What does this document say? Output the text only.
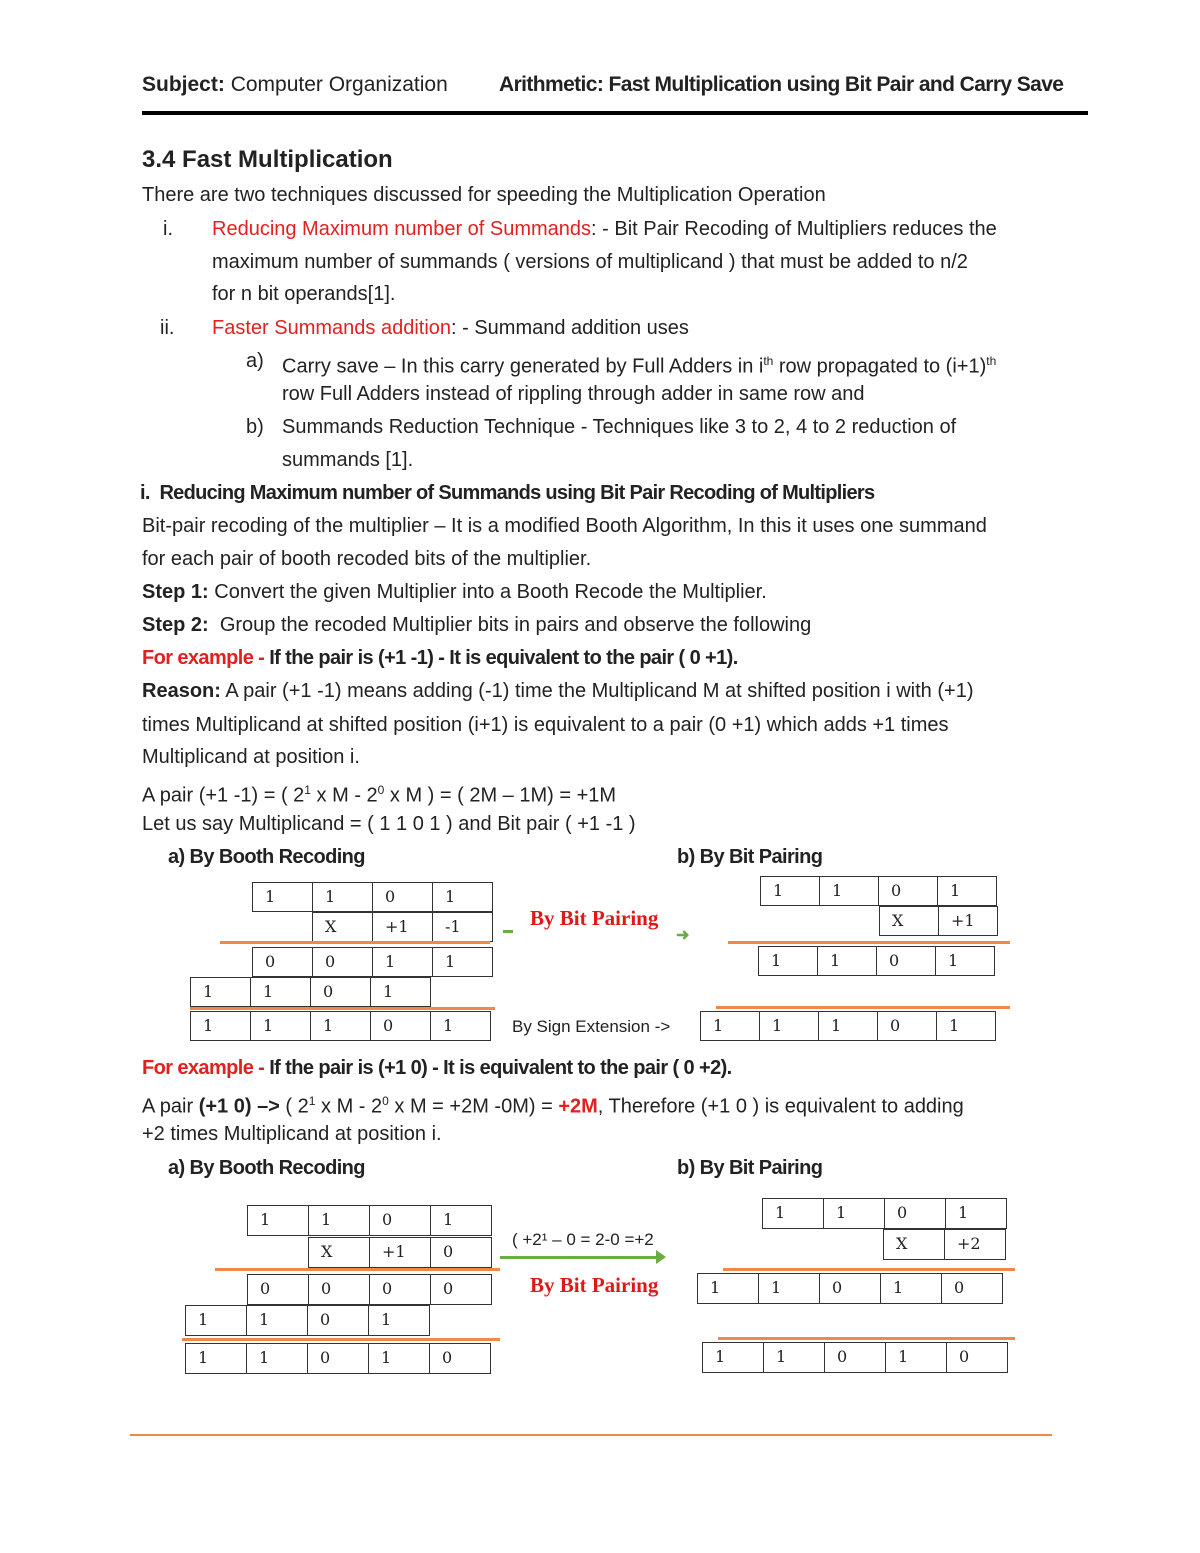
Subject: Computer Organization Arithmetic: Fast Multiplication using Bit Pair and Carry Save
3.4 Fast Multiplication
There are two techniques discussed for speeding the Multiplication Operation
i. Reducing Maximum number of Summands: - Bit Pair Recoding of Multipliers reduces the
maximum number of summands ( versions of multiplicand ) that must be added to n/2
for n bit operands[1].
ii. Faster Summands addition: - Summand addition uses
a) Carry save – In this carry generated by Full Adders in $i^{th}$ row propagated to $(i+1)^{th}$
row Full Adders instead of rippling through adder in same row and
b) Summands Reduction Technique - Techniques like 3 to 2, 4 to 2 reduction of
summands [1].
i. Reducing Maximum number of Summands using Bit Pair Recoding of Multipliers
Bit-pair recoding of the multiplier – It is a modified Booth Algorithm, In this it uses one summand
for each pair of booth recoded bits of the multiplier.
Step 1: Convert the given Multiplier into a Booth Recode the Multiplier.
Step 2: Group the recoded Multiplier bits in pairs and observe the following
For example - If the pair is (+1 -1) - It is equivalent to the pair ( 0 +1).
Reason: A pair (+1 -1) means adding (-1) time the Multiplicand M at shifted position i with (+1)
times Multiplicand at shifted position (i+1) is equivalent to a pair (0 +1) which adds +1 times
Multiplicand at position i.
A pair (+1 -1) = ( $2^1$ x M - $2^0$ x M ) = ( 2M – 1M) = +1M
Let us say Multiplicand = ( 1 1 0 1 ) and Bit pair ( +1 -1 )
a) By Booth Recoding	b) By Bit Pairing
By Bit Pairing
➜
By Sign Extension ->
For example - If the pair is (+1 0) - It is equivalent to the pair ( 0 +2).
A pair (+1 0) –> ( $2^1$ x M - $2^0$ x M = +2M -0M) = +2M, Therefore (+1 0 ) is equivalent to adding
+2 times Multiplicand at position i.
a) By Booth Recoding	b) By Bit Pairing
( +2¹ – 0 = 2-0 =+2
By Bit Pairing
1	1	0	1
X	+1	-1
0	0	1	1
1	1	0	1
1	1	1	0	1
1	1	0	1
X	+1
1	1	0	1
1	1	1	0	1
1	1	0	1
X	+1	0
0	0	0	0
1	1	0	1
1	1	0	1	0
1	1	0	1
X	+2
1	1	0	1	0
1	1	0	1	0
